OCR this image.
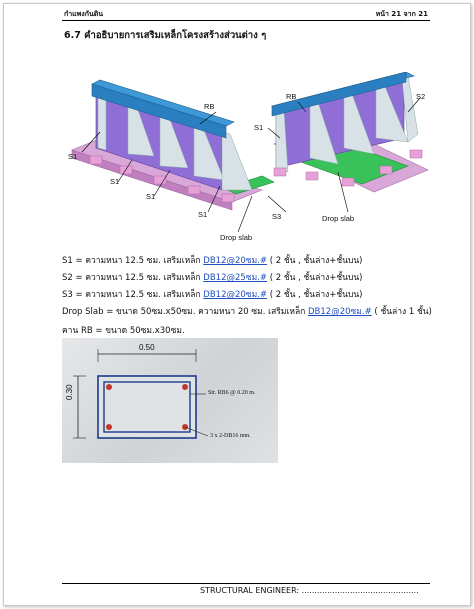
กำแพงกันดิน	หน้า 21 จาก 21
6.7 คำอธิบายการเสริมเหล็กโครงสร้างส่วนต่าง ๆ
RB
RB
S1
S1
S1
S1
S1
S2
S3	Drop slab
Drop slab
S1 = ความหนา 12.5 ซม. เสริมเหล็ก DB12@20ซม.# ( 2 ชั้น , ชั้นล่าง+ชั้นบน)
S2 = ความหนา 12.5 ซม. เสริมเหล็ก DB12@25ซม.# ( 2 ชั้น , ชั้นล่าง+ชั้นบน)
S3 = ความหนา 12.5 ซม. เสริมเหล็ก DB12@20ซม.# ( 2 ชั้น , ชั้นล่าง+ชั้นบน)
Drop Slab = ขนาด 50ซม.x50ซม. ความหนา 20 ซม. เสริมเหล็ก DB12@20ซม.# ( ชั้นล่าง 1 ชั้น)
คาน RB = ขนาด 50ซม.x30ซม.
0.50
0.30	Str. RB6 @ 0.20 m.
3 x 2-DB16 mm.
STRUCTURAL ENGINEER: ..............................................
